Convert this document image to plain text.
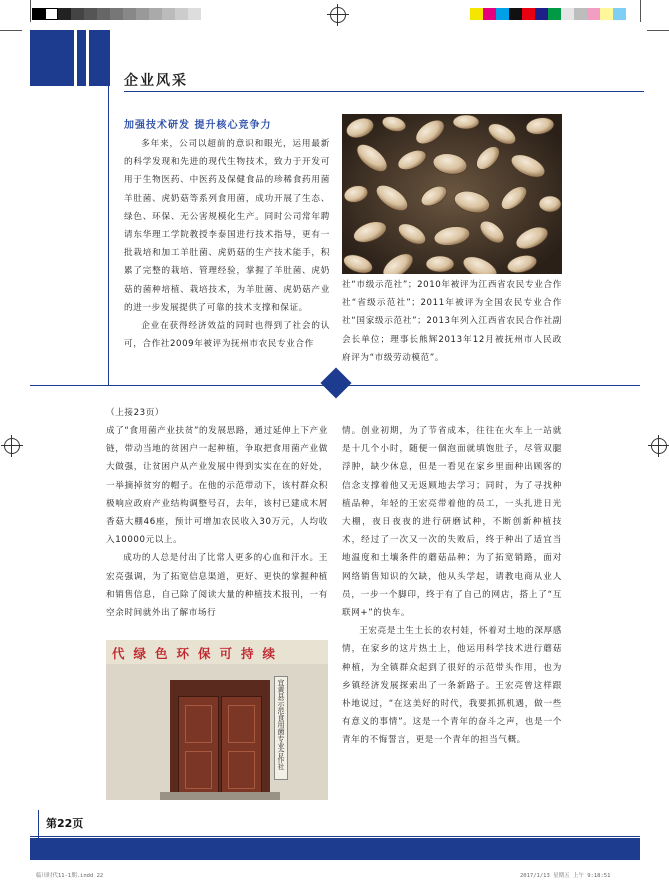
企业风采
加强技术研发 提升核心竞争力

多年来，公司以超前的意识和眼光，运用最新的科学发现和先进的现代生物技术，致力于开发可用于生物医药、中医药及保健食品的珍稀食药用菌羊肚菌、虎奶菇等系列食用菌，成功开展了生态、绿色、环保、无公害规模化生产。同时公司常年聘请东华理工学院教授李泰国进行技术指导，更有一批栽培和加工羊肚菌、虎奶菇的生产技术能手，积累了完整的栽培、管理经验，掌握了羊肚菌、虎奶菇的菌种培植、栽培技术，为羊肚菌、虎奶菇产业的进一步发展提供了可靠的技术支撑和保证。

企业在获得经济效益的同时也得到了社会的认可，合作社2009年被评为抚州市农民专业合作

社“市级示范社”；2010年被评为江西省农民专业合作社“省级示范社”；2011年被评为全国农民专业合作社“国家级示范社”；2013年列入江西省农民合作社副会长单位；理事长熊辉2013年12月被抚州市人民政府评为“市级劳动模范”。

（上接23页）

成了“食用菌产业扶贫”的发展思路，通过延伸上下产业链，带动当地的贫困户一起种植，争取把食用菌产业做大做强，让贫困户从产业发展中得到实实在在的好处，一举摘掉贫穷的帽子。在他的示范带动下，该村群众积极响应政府产业结构调整号召，去年，该村已建成木屑香菇大棚46座，预计可增加农民收入30万元，人均收入10000元以上。

成功的人总是付出了比常人更多的心血和汗水。王宏亮强调，为了拓宽信息渠道，更好、更快的掌握种植和销售信息，自己除了阅读大量的种植技术报刊，一有空余时间就外出了解市场行

代绿色环保可持续
宜黄县示范食用菌专业合作社

情。创业初期，为了节省成本，往往在火车上一站就是十几个小时，随便一個泡面就填饱肚子，尽管双腿浮肿，缺少休息，但是一看见在家乡里面种出顾客的信念支撑着他又无返顾地去学习；同时，为了寻找种植品种，年轻的王宏亮带着他的员工，一头扎进日光大棚，夜日夜夜的进行研磨试种，不断创新种植技术，经过了一次又一次的失败后，终于种出了适宜当地温度和土壤条件的蘑菇品种；为了拓宽销路，面对网络销售知识的欠缺，他从头学起，请教电商从业人员，一步一个脚印，终于有了自己的网店，搭上了“互联网+”的快车。

王宏亮是土生土长的农村娃，怀着对土地的深厚感情，在家乡的这片热土上，他运用科学技术进行蘑菇种植，为全镇群众起到了很好的示范带头作用，也为乡镇经济发展探索出了一条新路子。王宏亮曾这样跟朴地说过，“在这美好的时代，我要抓抓机遇，做一些有意义的事情”。这是一个青年的奋斗之声，也是一个青年的不悔誓言，更是一个青年的担当气概。

第22页
临川时代11-1期.indd 22	2017/1/13 星期五 上午 9:18:51
